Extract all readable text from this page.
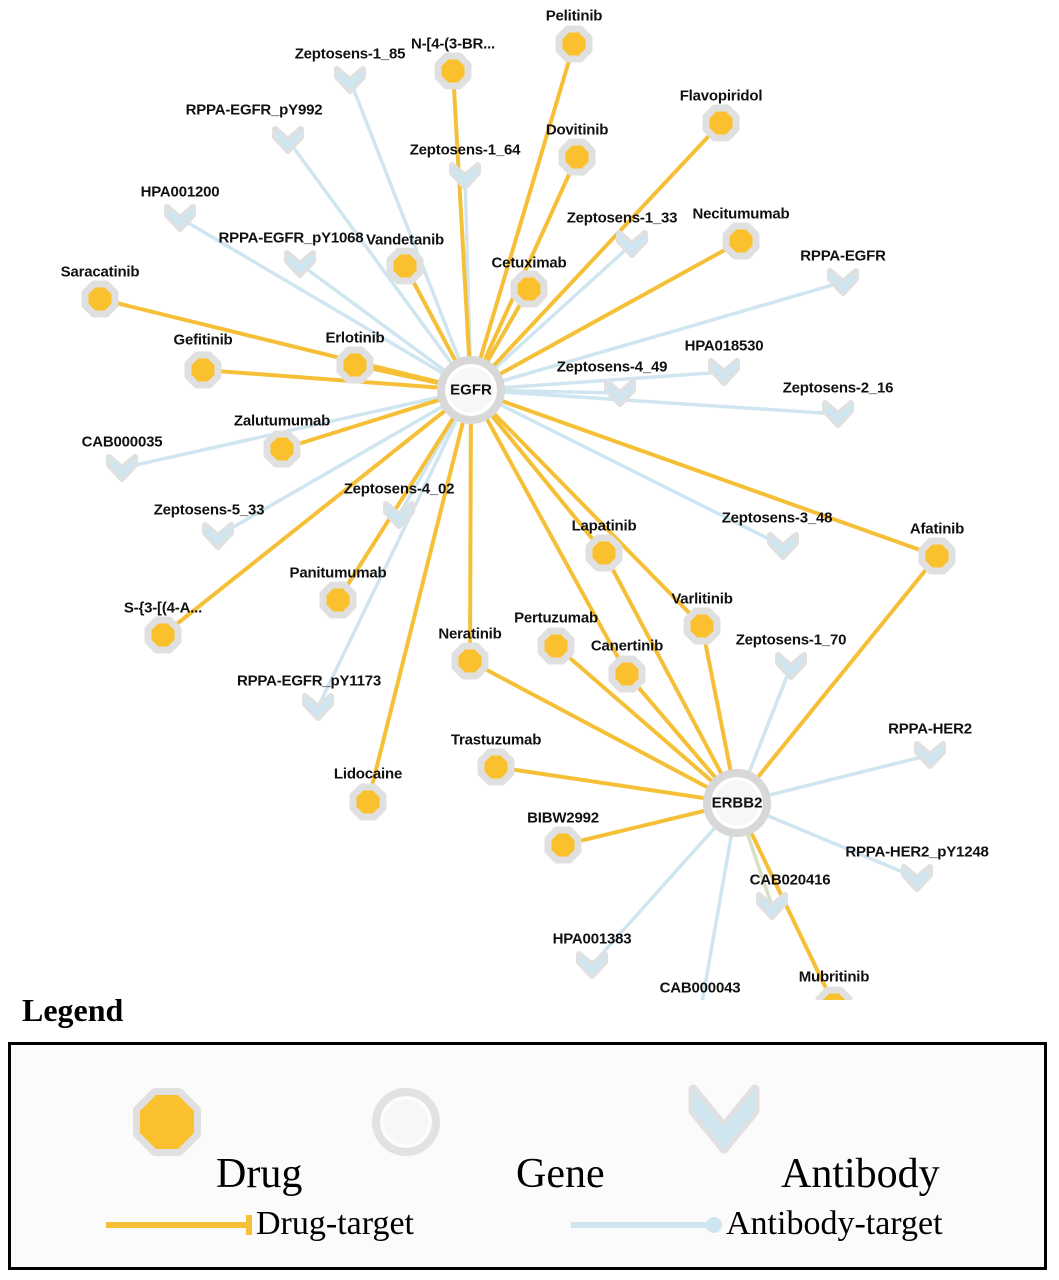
Zeptosens-1_85
RPPA-EGFR_pY992
Zeptosens-1_64
HPA001200
Zeptosens-1_33
RPPA-EGFR_pY1068
RPPA-EGFR
HPA018530
Zeptosens-4_49
Zeptosens-2_16
CAB000035
Zeptosens-4_02
Zeptosens-5_33	Zeptosens-3_48
RPPA-EGFR_pY1173
Zeptosens-1_70
RPPA-HER2
RPPA-HER2_pY1248
CAB020416
HPA001383
CAB000043
Pelitinib
N-[4-(3-BR...
Flavopiridol
Dovitinib
Necitumumab
Vandetanib
Cetuximab
Saracatinib
Erlotinib
Gefitinib
Zalutumumab
Panitumumab
S-{3-[(4-A...
Lidocaine
Lapatinib	Afatinib
Varlitinib
Neratinib
Pertuzumab
Canertinib
Trastuzumab
BIBW2992
Mubritinib
EGFR
ERBB2
Legend
Drug	Gene	Antibody
Drug-target	Antibody-target
